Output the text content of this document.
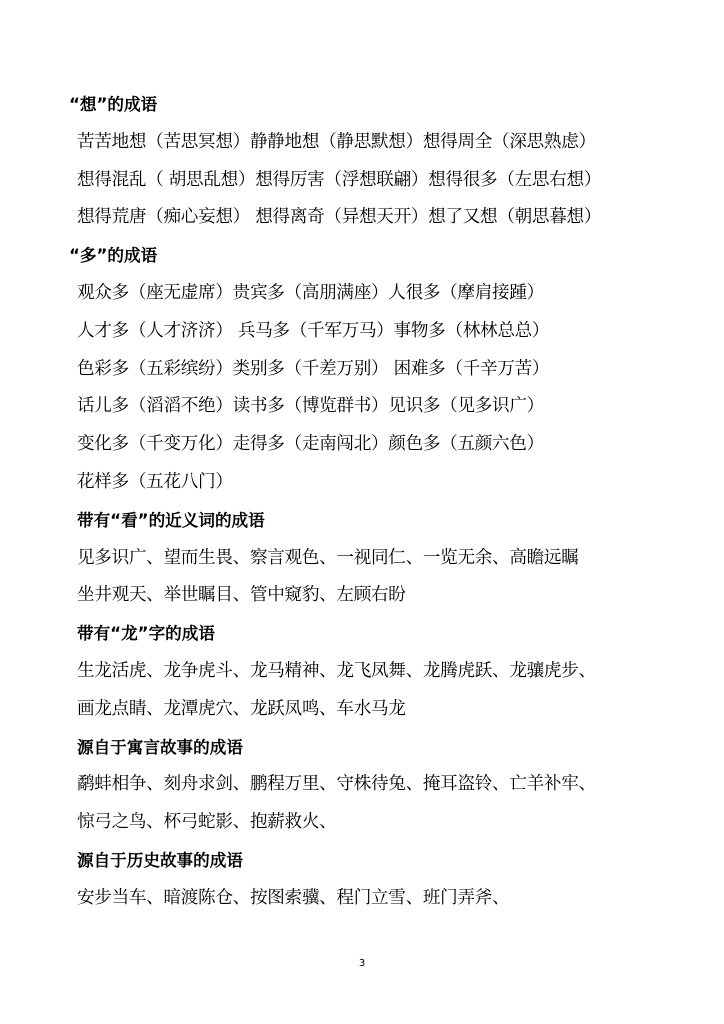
“想”的成语
苦苦地想（苦思冥想）静静地想（静思默想）想得周全（深思熟虑）
想得混乱（ 胡思乱想）想得厉害（浮想联翩）想得很多（左思右想）
想得荒唐（痴心妄想） 想得离奇（异想天开）想了又想（朝思暮想）
“多”的成语
观众多（座无虚席）贵宾多（高朋满座）人很多（摩肩接踵）
人才多（人才济济） 兵马多（千军万马）事物多（林林总总）
色彩多（五彩缤纷）类别多（千差万别） 困难多（千辛万苦）
话儿多（滔滔不绝）读书多（博览群书）见识多（见多识广）
变化多（千变万化）走得多（走南闯北）颜色多（五颜六色）
花样多（五花八门）
带有“看”的近义词的成语
见多识广、望而生畏、察言观色、一视同仁、一览无余、高瞻远瞩
坐井观天、举世瞩目、管中窥豹、左顾右盼
带有“龙”字的成语
生龙活虎、龙争虎斗、龙马精神、龙飞凤舞、龙腾虎跃、龙骧虎步、
画龙点睛、龙潭虎穴、龙跃凤鸣、车水马龙
源自于寓言故事的成语
鹬蚌相争、刻舟求剑、鹏程万里、守株待兔、掩耳盗铃、亡羊补牢、
惊弓之鸟、杯弓蛇影、抱薪救火、
源自于历史故事的成语
安步当车、暗渡陈仓、按图索骥、程门立雪、班门弄斧、
3
